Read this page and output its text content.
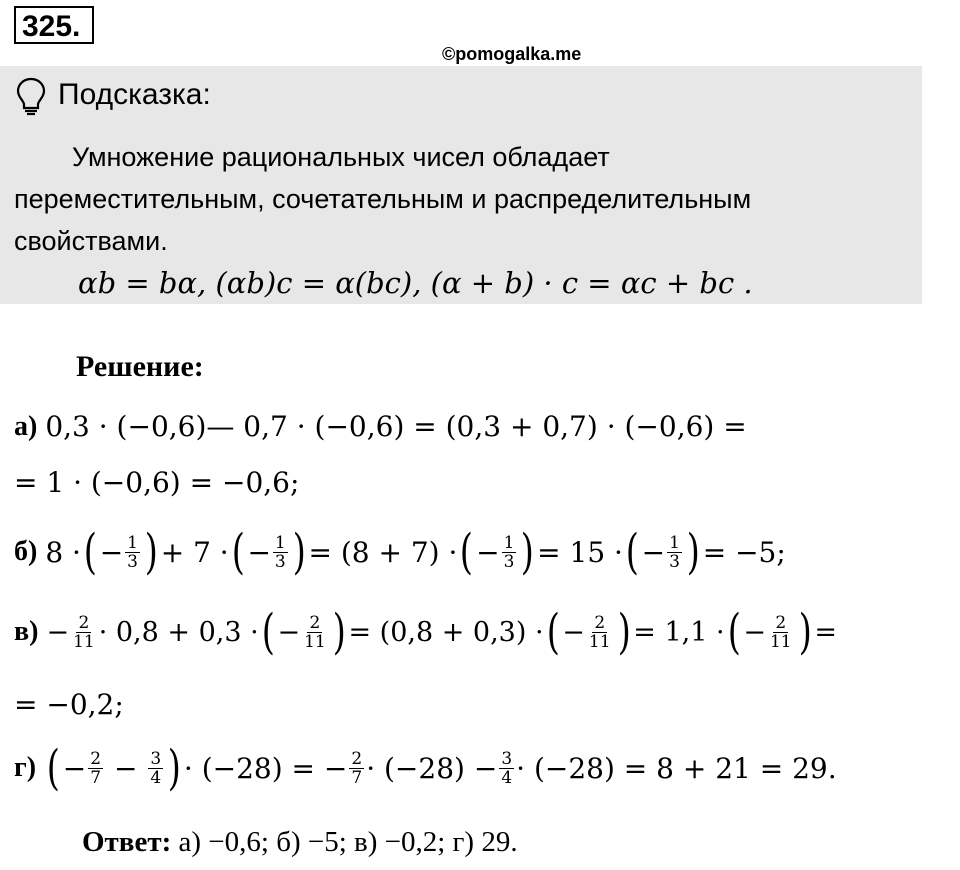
325.
©pomogalka.me
Подсказка:
Умножение рациональных чисел обладает
переместительным, сочетательным и распределительным
свойствами.
αb = bα, (αb)c = α(bc), (α + b) · c = αc + bc .
Решение:
а) 0,3 · (−0,6)— 0,7 · (−0,6) = (0,3 + 0,7) · (−0,6) =
= 1 · (−0,6) = −0,6;
б) 8 · ( − $\frac{1}{3}$ ) + 7 · ( − $\frac{1}{3}$ ) = (8 + 7) · ( − $\frac{1}{3}$ ) = 15 · ( − $\frac{1}{3}$ ) = −5;
$в) - \frac{2}{11} \cdot 0,8 + 0,3$ · ( − $\frac{2}{11}$ ) = (0,8 + 0,3) · ( − $\frac{2}{11}$ ) = 1,1 · ( − $\frac{2}{11}$ ) =
= −0,2;
г) ( − $\frac{2}{7} - \frac{3}{4}$ ) · (−28) = − $\frac{2}{7} \cdot (-28) - \frac{3}{4} \cdot (-28) = 8 + 21 = 29$.
Ответ: а) −0,6; б) −5; в) −0,2; г) 29.
